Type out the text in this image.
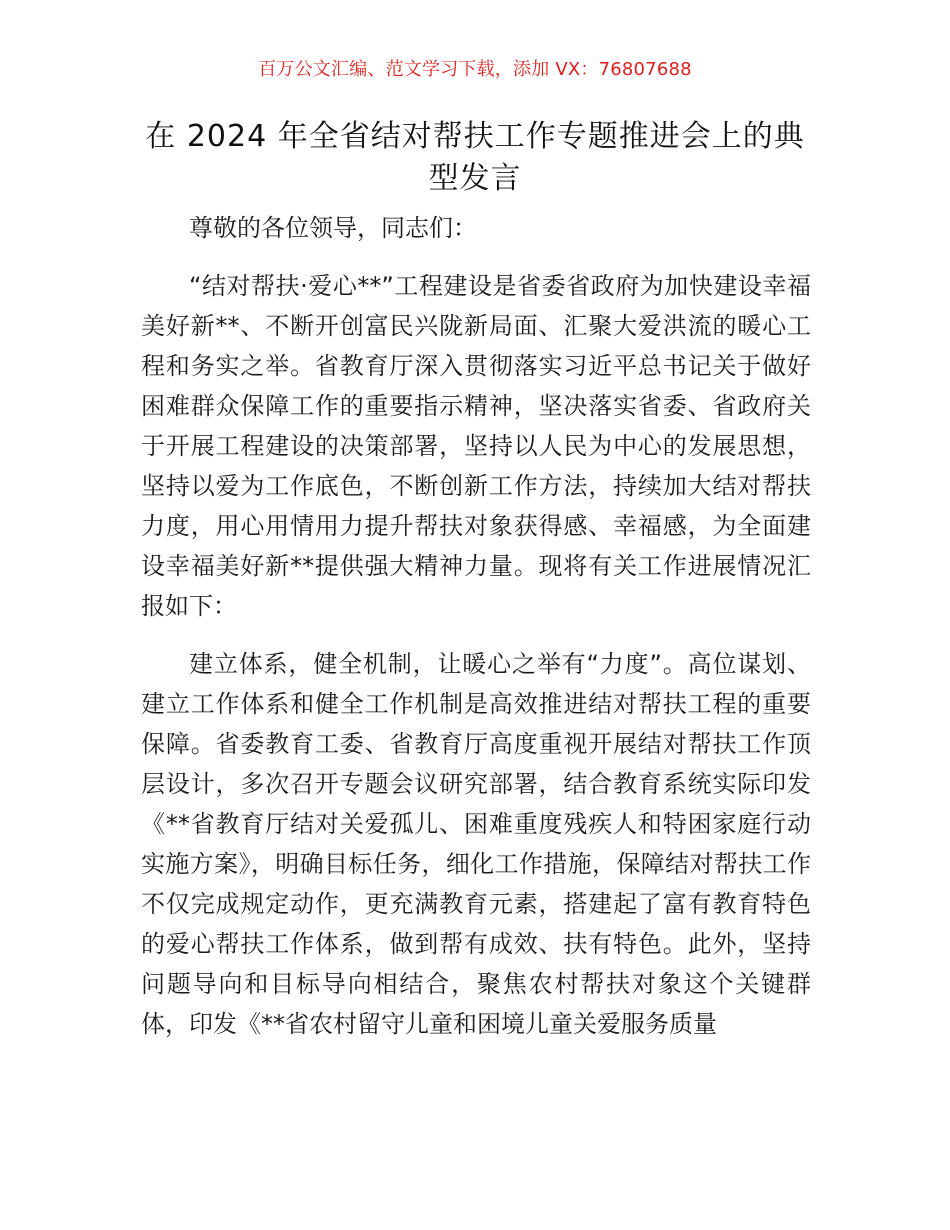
百万公文汇编、范文学习下载，添加 VX：76807688
在 2024 年全省结对帮扶工作专题推进会上的典型发言

尊敬的各位领导，同志们：

“结对帮扶·爱心**”工程建设是省委省政府为加快建设幸福美好新**、不断开创富民兴陇新局面、汇聚大爱洪流的暖心工程和务实之举。省教育厅深入贯彻落实习近平总书记关于做好困难群众保障工作的重要指示精神，坚决落实省委、省政府关于开展工程建设的决策部署，坚持以人民为中心的发展思想，坚持以爱为工作底色，不断创新工作方法，持续加大结对帮扶力度，用心用情用力提升帮扶对象获得感、幸福感，为全面建设幸福美好新**提供强大精神力量。现将有关工作进展情况汇报如下：

建立体系，健全机制，让暖心之举有“力度”。高位谋划、建立工作体系和健全工作机制是高效推进结对帮扶工程的重要保障。省委教育工委、省教育厅高度重视开展结对帮扶工作顶层设计，多次召开专题会议研究部署，结合教育系统实际印发《**省教育厅结对关爱孤儿、困难重度残疾人和特困家庭行动实施方案》，明确目标任务，细化工作措施，保障结对帮扶工作不仅完成规定动作，更充满教育元素，搭建起了富有教育特色的爱心帮扶工作体系，做到帮有成效、扶有特色。此外，坚持问题导向和目标导向相结合，聚焦农村帮扶对象这个关键群体，印发《**省农村留守儿童和困境儿童关爱服务质量
